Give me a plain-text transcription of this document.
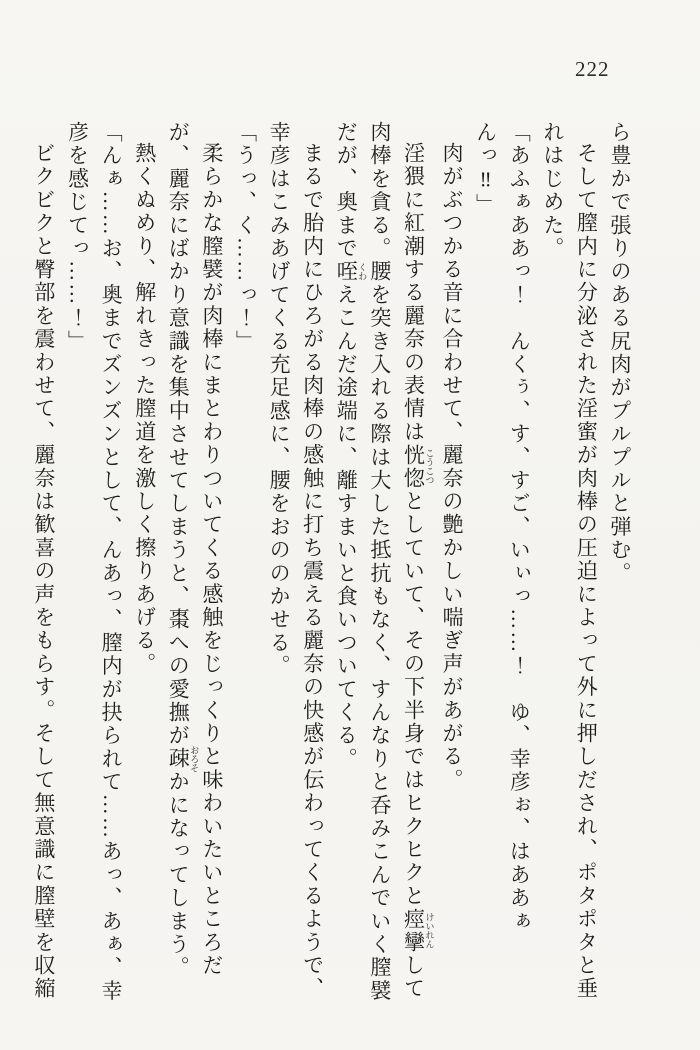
222

ら豊かで張りのある尻肉がプルプルと弾む。

そして膣内に分泌された淫蜜が肉棒の圧迫によって外に押しだされ、ポタポタと垂れはじめた。

「あふぁああっ！　んくぅ、す、すご、いぃっ……！　ゆ、幸彦ぉ、はああぁんっ‼」

肉がぶつかる音に合わせて、麗奈の艶かしい喘ぎ声があがる。

淫猥に紅潮する麗奈の表情は恍惚 こうこつとしていて、その下半身ではヒクヒクと痙攣 けいれんして肉棒を貪る。腰を突き入れる際は大した抵抗もなく、すんなりと呑みこんでいく膣襞だが、奥まで咥 くわえこんだ途端に、離すまいと食いついてくる。

まるで胎内にひろがる肉棒の感触に打ち震える麗奈の快感が伝わってくるようで、幸彦はこみあげてくる充足感に、腰をおののかせる。

「うっ、く……っ！」

柔らかな膣襞が肉棒にまとわりついてくる感触をじっくりと味わいたいところだが、麗奈にばかり意識を集中させてしまうと、棗への愛撫が疎 おろそかになってしまう。

熱くぬめり、解れきった膣道を激しく擦りあげる。

「んぁ……お、奥までズンズンとして、んあっ、膣内が抉られて……あっ、あぁ、幸彦を感じてっ……！」

ビクビクと臀部を震わせて、麗奈は歓喜の声をもらす。そして無意識に膣壁を収縮
